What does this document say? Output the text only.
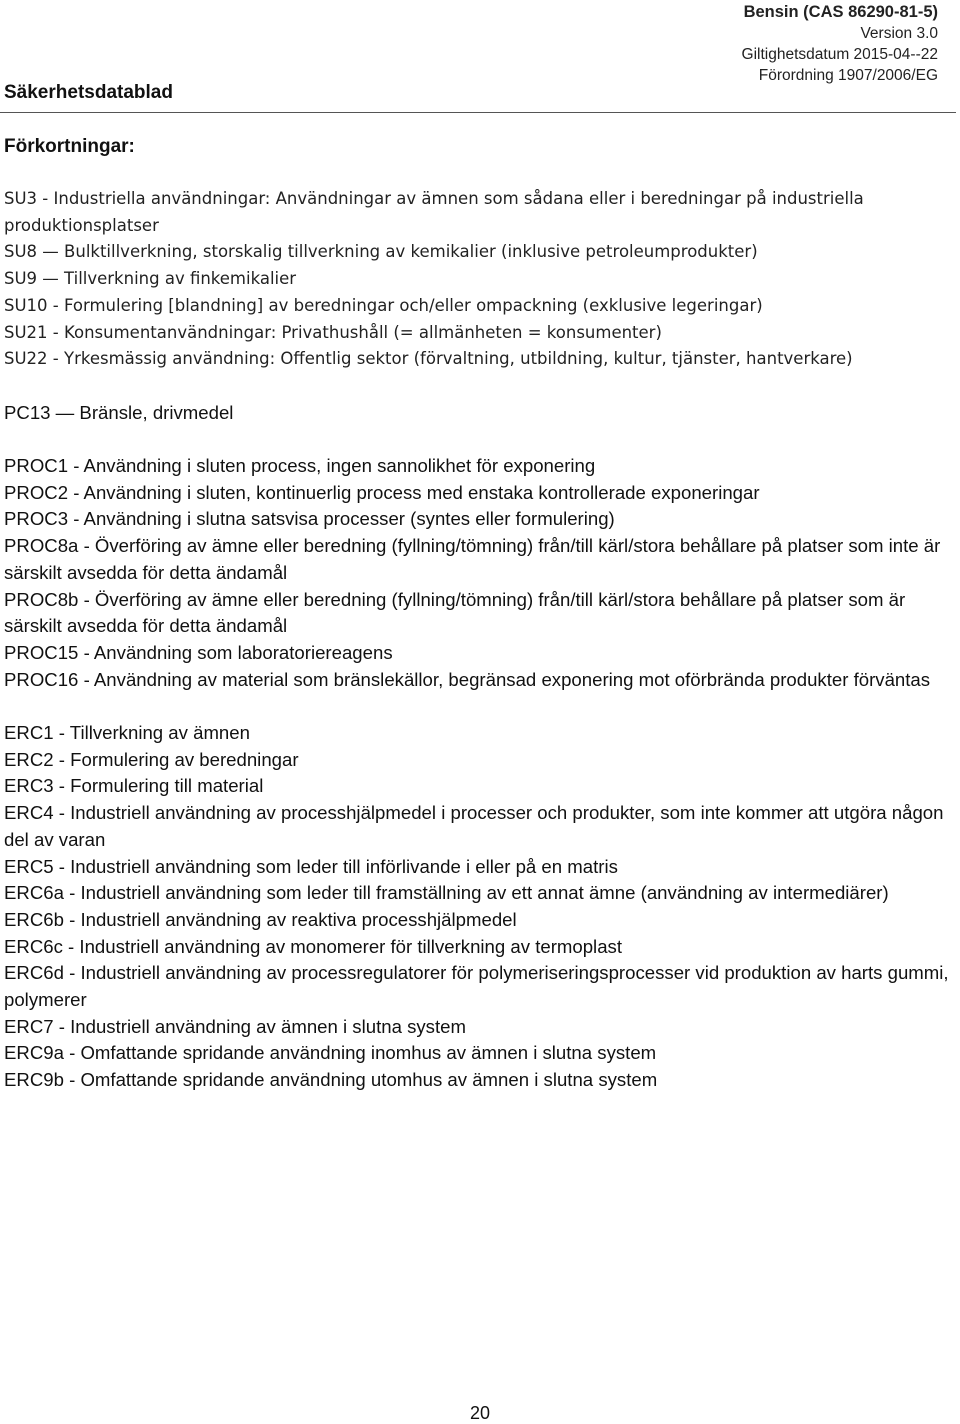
Säkerhetsdatablad
Bensin (CAS 86290-81-5)
Version 3.0
Giltighetsdatum 2015-04--22
Förordning 1907/2006/EG
Förkortningar:
SU3 - Industriella användningar: Användningar av ämnen som sådana eller i beredningar på industriella produktionsplatser
SU8 — Bulktillverkning, storskalig tillverkning av kemikalier (inklusive petroleumprodukter)
SU9 — Tillverkning av finkemikalier
SU10 - Formulering [blandning] av beredningar och/eller ompackning (exklusive legeringar)
SU21 - Konsumentanvändningar: Privathushåll (= allmänheten = konsumenter)
SU22 - Yrkesmässig användning: Offentlig sektor (förvaltning, utbildning, kultur, tjänster, hantverkare)
PC13 — Bränsle, drivmedel
PROC1 - Användning i sluten process, ingen sannolikhet för exponering
PROC2 - Användning i sluten, kontinuerlig process med enstaka kontrollerade exponeringar
PROC3 - Användning i slutna satsvisa processer (syntes eller formulering)
PROC8a - Överföring av ämne eller beredning (fyllning/tömning) från/till kärl/stora behållare på platser som inte är särskilt avsedda för detta ändamål
PROC8b - Överföring av ämne eller beredning (fyllning/tömning) från/till kärl/stora behållare på platser som är särskilt avsedda för detta ändamål
PROC15 - Användning som laboratoriereagens
PROC16 - Användning av material som bränslekällor, begränsad exponering mot oförbrända produkter förväntas
ERC1 - Tillverkning av ämnen
ERC2 - Formulering av beredningar
ERC3 - Formulering till material
ERC4 - Industriell användning av processhjälpmedel i processer och produkter, som inte kommer att utgöra någon del av varan
ERC5 - Industriell användning som leder till införlivande i eller på en matris
ERC6a - Industriell användning som leder till framställning av ett annat ämne (användning av intermediärer)
ERC6b - Industriell användning av reaktiva processhjälpmedel
ERC6c - Industriell användning av monomerer för tillverkning av termoplast
ERC6d - Industriell användning av processregulatorer för polymeriseringsprocesser vid produktion av harts gummi, polymerer
ERC7 - Industriell användning av ämnen i slutna system
ERC9a - Omfattande spridande användning inomhus av ämnen i slutna system
ERC9b - Omfattande spridande användning utomhus av ämnen i slutna system
20
